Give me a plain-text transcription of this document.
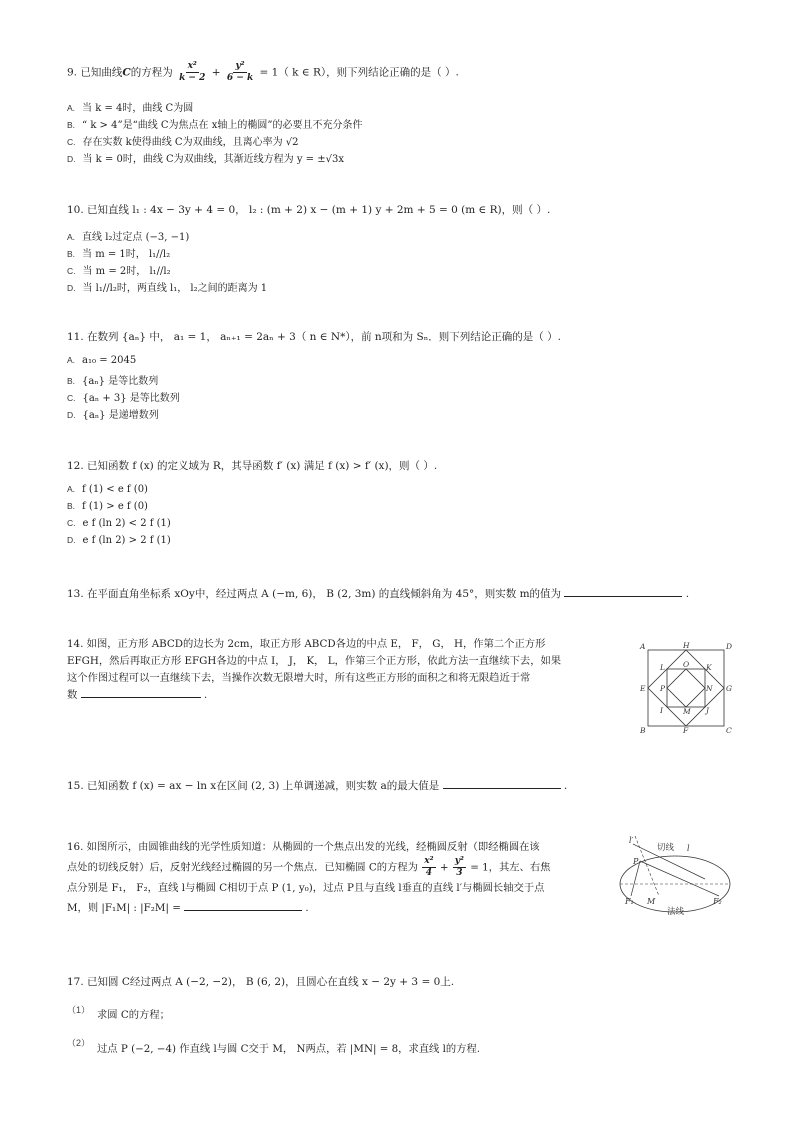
9. 已知曲线C的方程为 $\frac{\text{x²}}{k - 2} + \frac{\text{y²}}{6 - k} = 1$（ k ∈ R），则下列结论正确的是（ ）.
A. 当 k = 4时，曲线 C为圆
B. “ k > 4”是“曲线 C为焦点在 x轴上的椭圆”的必要且不充分条件
C. 存在实数 k使得曲线 C为双曲线，且离心率为 √2
D. 当 k = 0时，曲线 C为双曲线，其渐近线方程为 y = ±√3x
10. 已知直线 l₁ : 4x − 3y + 4 = 0， l₂ : (m + 2) x − (m + 1) y + 2m + 5 = 0 (m ∈ R)，则（ ）.
A. 直线 l₂过定点 (−3, −1)
B. 当 m = 1时， l₁//l₂
C. 当 m = 2时， l₁//l₂
D. 当 l₁//l₂时，两直线 l₁， l₂之间的距离为 1
11. 在数列 {aₙ} 中， a₁ = 1， aₙ₊₁ = 2aₙ + 3（ n ∈ N*），前 n项和为 Sₙ．则下列结论正确的是（ ）.
A. a₁₀ = 2045
B. {aₙ} 是等比数列
C. {aₙ + 3} 是等比数列
D. {aₙ} 是递增数列
12. 已知函数 f (x) 的定义域为 R，其导函数 f′ (x) 满足 f (x) > f′ (x)，则（ ）.
A. f (1) < e f (0)
B. f (1) > e f (0)
C. e f (ln 2) < 2 f (1)
D. e f (ln 2) > 2 f (1)
13. 在平面直角坐标系 xOy中，经过两点 A (−m, 6)， B (2, 3m) 的直线倾斜角为 45°，则实数 m的值为	.
14. 如图，正方形 ABCD的边长为 2cm，取正方形 ABCD各边的中点 E， F， G， H，作第二个正方形
EFGH，然后再取正方形 EFGH各边的中点 I， J， K， L，作第三个正方形，依此方法一直继续下去，如果
这个作图过程可以一直继续下去，当操作次数无限增大时，所有这些正方形的面积之和将无限趋近于常
数	.
A	H	D
L O K
E P	N G
I	M J
B	F	C
15. 已知函数 f (x) = ax − ln x在区间 (2, 3) 上单调递减，则实数 a的最大值是	.
16. 如图所示，由圆锥曲线的光学性质知道：从椭圆的一个焦点出发的光线，经椭圆反射（即经椭圆在该
点处的切线反射）后，反射光线经过椭圆的另一个焦点．已知椭圆 C的方程为 $\frac{\text{x²}}{4} + \frac{\text{y²}}{3} = 1$，其左、右焦
点分别是 F₁， F₂，直线 l与椭圆 C相切于点 P (1, y₀)，过点 P且与直线 l垂直的直线 l′与椭圆长轴交于点
M，则 |F₁M| : |F₂M| =	.
l′
切线 l
P
F₁ M
法线
F₂
17. 已知圆 C经过两点 A (−2, −2)， B (6, 2)，且圆心在直线 x − 2y + 3 = 0上.
（1） 求圆 C的方程；
（2） 过点 P (−2, −4) 作直线 l与圆 C交于 M， N两点，若 |MN| = 8，求直线 l的方程.
